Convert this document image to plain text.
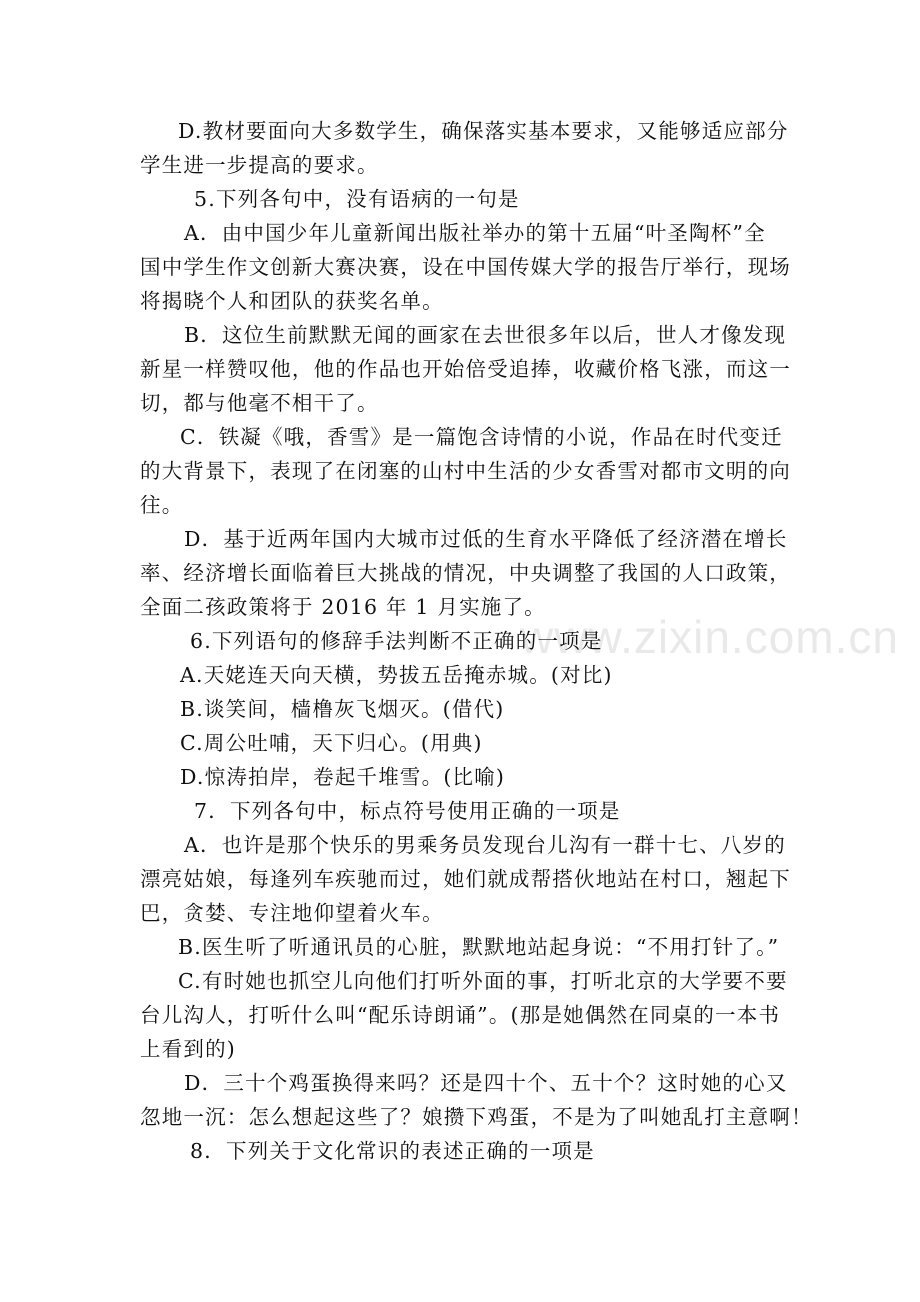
www.zixin.com.cn
D.教材要面向大多数学生，确保落实基本要求，又能够适应部分
学生进一步提高的要求。
5.下列各句中，没有语病的一句是
A．由中国少年儿童新闻出版社举办的第十五届“叶圣陶杯”全
国中学生作文创新大赛决赛，设在中国传媒大学的报告厅举行，现场
将揭晓个人和团队的获奖名单。
B．这位生前默默无闻的画家在去世很多年以后，世人才像发现
新星一样赞叹他，他的作品也开始倍受追捧，收藏价格飞涨，而这一
切，都与他毫不相干了。
C．铁凝《哦，香雪》是一篇饱含诗情的小说，作品在时代变迁
的大背景下，表现了在闭塞的山村中生活的少女香雪对都市文明的向
往。
D．基于近两年国内大城市过低的生育水平降低了经济潜在增长
率、经济增长面临着巨大挑战的情况，中央调整了我国的人口政策，
全面二孩政策将于 2016 年 1 月实施了。
6.下列语句的修辞手法判断不正确的一项是
A.天姥连天向天横，势拔五岳掩赤城。(对比)
B.谈笑间，樯橹灰飞烟灭。(借代)
C.周公吐哺，天下归心。(用典)
D.惊涛拍岸，卷起千堆雪。(比喻)
7．下列各句中，标点符号使用正确的一项是
A．也许是那个快乐的男乘务员发现台儿沟有一群十七、八岁的
漂亮姑娘，每逢列车疾驰而过，她们就成帮搭伙地站在村口，翘起下
巴，贪婪、专注地仰望着火车。
B.医生听了听通讯员的心脏，默默地站起身说：“不用打针了。”
C.有时她也抓空儿向他们打听外面的事，打听北京的大学要不要
台儿沟人，打听什么叫“配乐诗朗诵”。(那是她偶然在同桌的一本书
上看到的)
D．三十个鸡蛋换得来吗？还是四十个、五十个？这时她的心又
忽地一沉：怎么想起这些了？娘攒下鸡蛋，不是为了叫她乱打主意啊！
8．下列关于文化常识的表述正确的一项是
